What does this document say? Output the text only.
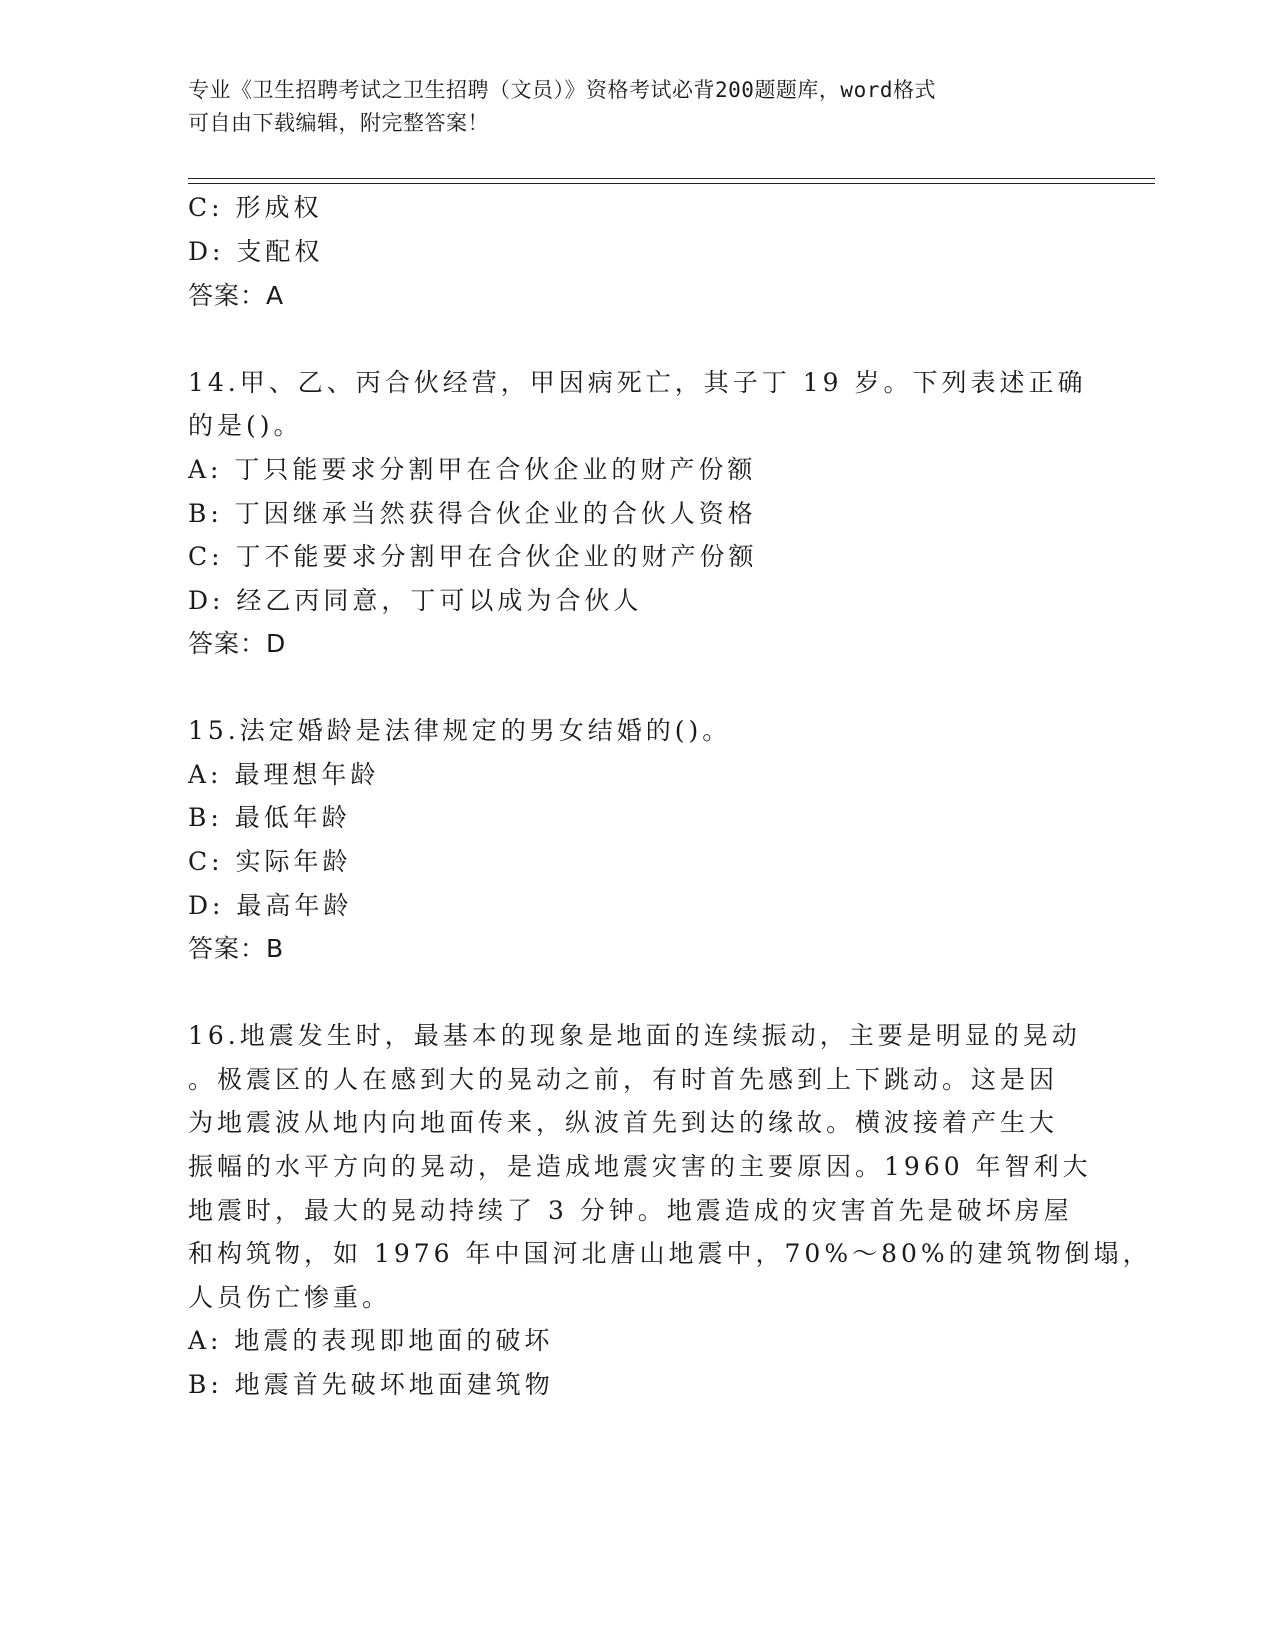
专业《卫生招聘考试之卫生招聘（文员）》资格考试必背200题题库，word格式
可自由下载编辑，附完整答案！
C: 形成权
D: 支配权
答案：A
14.甲、乙、丙合伙经营，甲因病死亡，其子丁 19 岁。下列表述正确
的是()。
A: 丁只能要求分割甲在合伙企业的财产份额
B: 丁因继承当然获得合伙企业的合伙人资格
C: 丁不能要求分割甲在合伙企业的财产份额
D: 经乙丙同意，丁可以成为合伙人
答案：D
15.法定婚龄是法律规定的男女结婚的()。
A: 最理想年龄
B: 最低年龄
C: 实际年龄
D: 最高年龄
答案：B
16.地震发生时，最基本的现象是地面的连续振动，主要是明显的晃动
。极震区的人在感到大的晃动之前，有时首先感到上下跳动。这是因
为地震波从地内向地面传来，纵波首先到达的缘故。横波接着产生大
振幅的水平方向的晃动，是造成地震灾害的主要原因。1960 年智利大
地震时，最大的晃动持续了 3 分钟。地震造成的灾害首先是破坏房屋
和构筑物，如 1976 年中国河北唐山地震中，70%～80%的建筑物倒塌，
人员伤亡惨重。
A: 地震的表现即地面的破坏
B: 地震首先破坏地面建筑物
